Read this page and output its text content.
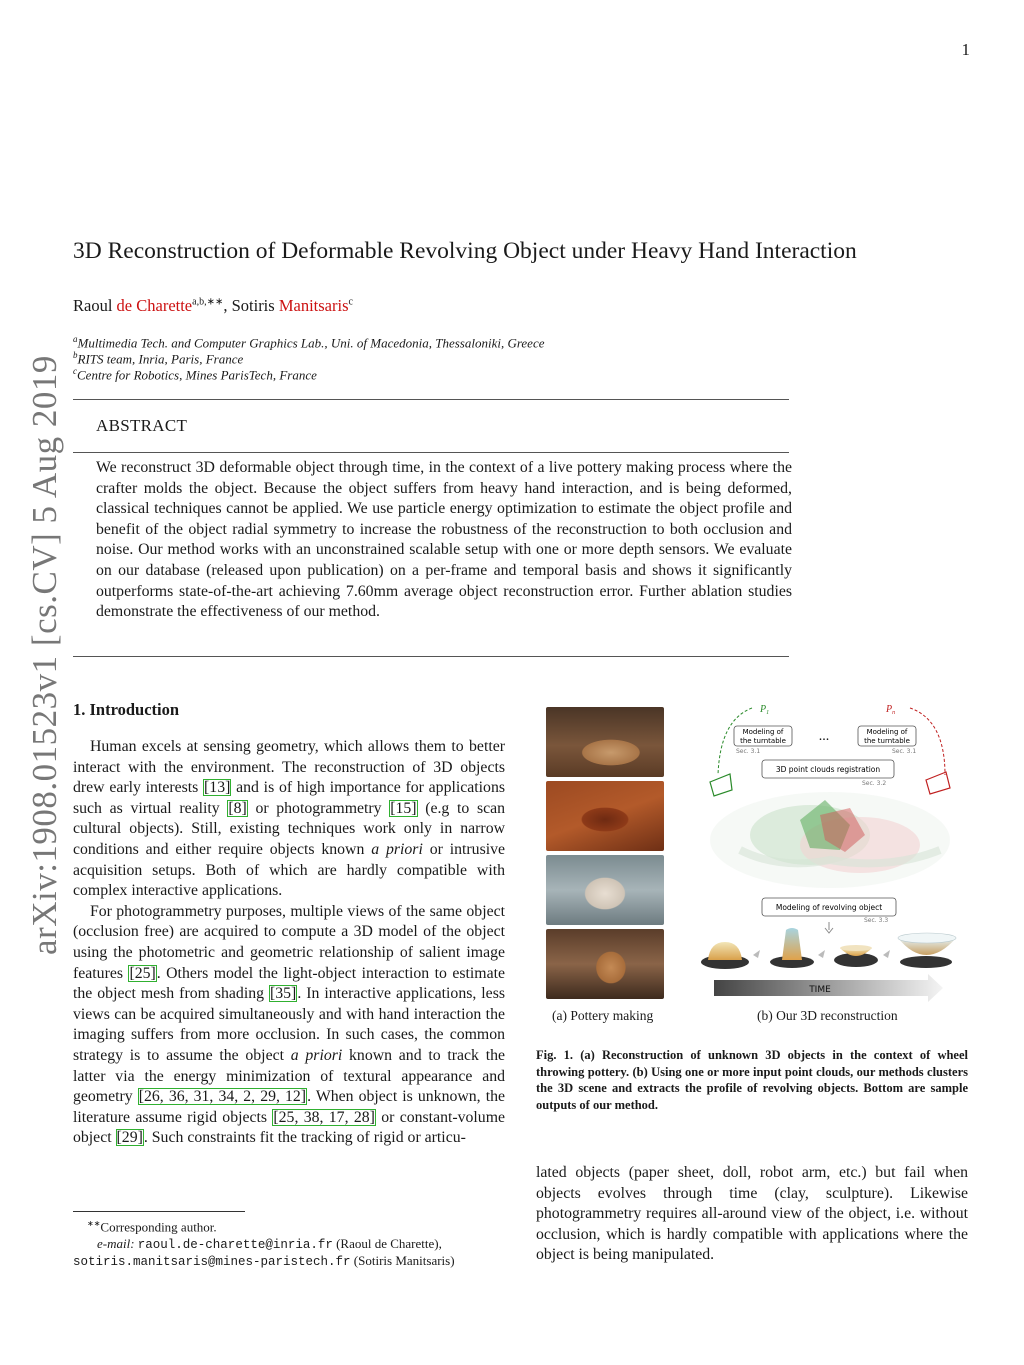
1
arXiv:1908.01523v1 [cs.CV] 5 Aug 2019
3D Reconstruction of Deformable Revolving Object under Heavy Hand Interaction
Raoul de Charette$^{a,b,∗∗}$, Sotiris Manitsaris$^c$
$^a$Multimedia Tech. and Computer Graphics Lab., Uni. of Macedonia, Thessaloniki, Greece
$^b$RITS team, Inria, Paris, France
$^c$Centre for Robotics, Mines ParisTech, France
ABSTRACT
We reconstruct 3D deformable object through time, in the context of a live pottery making process where the crafter molds the object. Because the object suffers from heavy hand interaction, and is being deformed, classical techniques cannot be applied. We use particle energy optimization to estimate the object profile and benefit of the object radial symmetry to increase the robustness of the reconstruction to both occlusion and noise. Our method works with an unconstrained scalable setup with one or more depth sensors. We evaluate on our database (released upon publication) on a per-frame and temporal basis and shows it significantly outperforms state-of-the-art achieving 7.60mm average object reconstruction error. Further ablation studies demonstrate the effectiveness of our method.
1. Introduction

Human excels at sensing geometry, which allows them to better interact with the environment. The reconstruction of 3D objects drew early interests [13] and is of high importance for applications such as virtual reality [8] or photogrammetry [15] (e.g to scan cultural objects). Still, existing techniques work only in narrow conditions and either require objects known a priori or intrusive acquisition setups. Both of which are hardly compatible with complex interactive applications.

For photogrammetry purposes, multiple views of the same object (occlusion free) are acquired to compute a 3D model of the object using the photometric and geometric relationship of salient image features [25]. Others model the light-object interaction to estimate the object mesh from shading [35]. In interactive applications, less views can be acquired simultaneously and with hand interaction the imaging suffers from more occlusion. In such cases, the common strategy is to assume the object a priori known and to track the latter via the energy minimization of textural appearance and geometry [26, 36, 31, 34, 2, 29, 12]. When object is unknown, the literature assume rigid objects [25, 38, 17, 28] or constant-volume object [29]. Such constraints fit the tracking of rigid or articu-

lated objects (paper sheet, doll, robot arm, etc.) but fail when objects evolves through time (clay, sculpture). Likewise photogrammetry requires all-around view of the object, i.e. without occlusion, which is hardly compatible with applications where the object is being manipulated.

∗∗Corresponding author.
e-mail: raoul.de-charette@inria.fr (Raoul de Charette),
sotiris.manitsaris@mines-paristech.fr (Sotiris Manitsaris)
(a) Pottery making	(b) Our 3D reconstruction
$P_1$	$P_n$
Modeling of
the turntable
Sec. 3.1
...	Modeling of
the turntable
Sec. 3.1
3D point clouds registration
Sec. 3.2
Modeling of revolving object
Sec. 3.3
TIME
Fig. 1. (a) Reconstruction of unknown 3D objects in the context of wheel throwing pottery. (b) Using one or more input point clouds, our methods clusters the 3D scene and extracts the profile of revolving objects. Bottom are sample outputs of our method.
